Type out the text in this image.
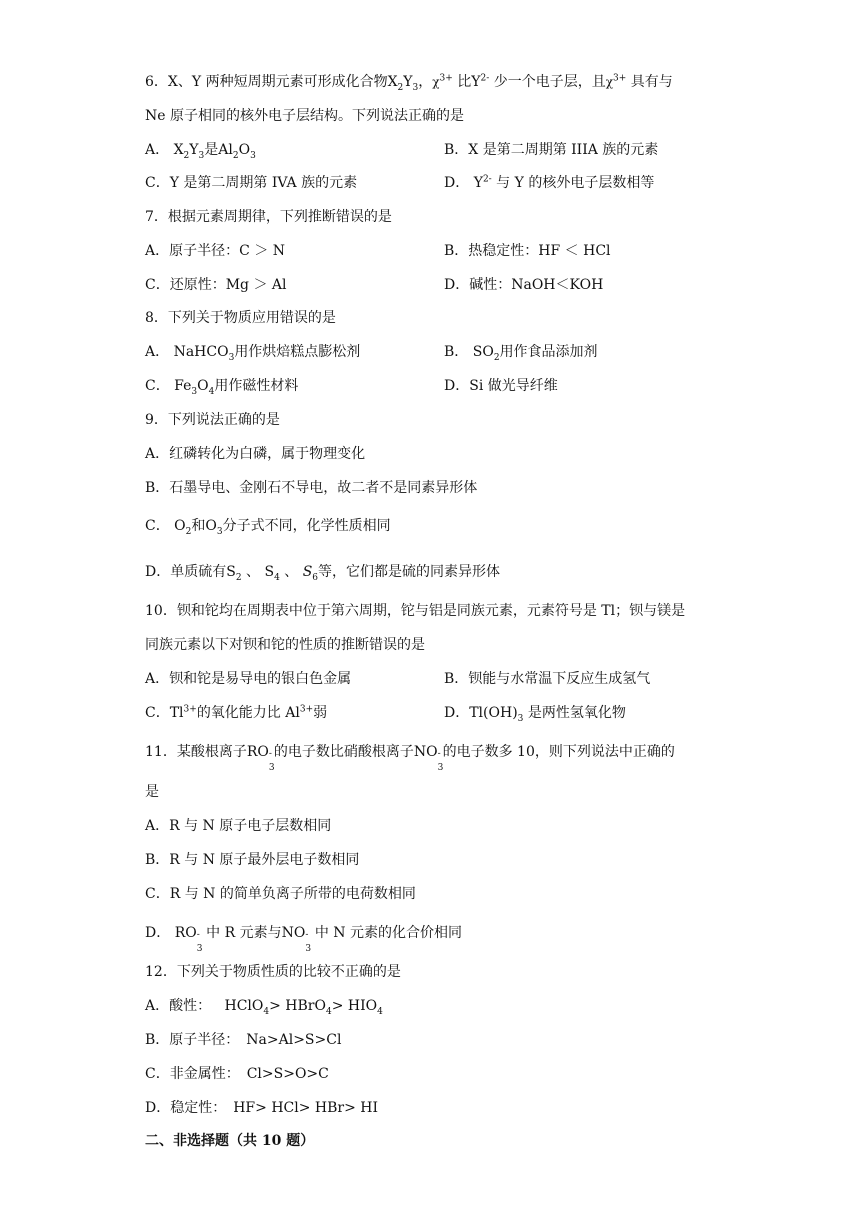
6．X、Y 两种短周期元素可形成化合物$X_2Y_3$，$\chi^{3+}$ 比$Y^{2-}$ 少一个电子层，且$\chi^{3+}$ 具有与
Ne 原子相同的核外电子层结构。下列说法正确的是
A． $X_2Y_3$是$Al_2O_3$	B．X 是第二周期第 IIIA 族的元素
C．Y 是第二周期第 IVA 族的元素	D． $Y^{2-}$ 与 Y 的核外电子层数相等
7．根据元素周期律，下列推断错误的是
A．原子半径：C ＞ N	B．热稳定性：HF ＜ HCl
C．还原性：Mg ＞ Al	D．碱性：NaOH＜KOH
8．下列关于物质应用错误的是
A． NaHCO$_3$用作烘焙糕点膨松剂	B． $SO_2$用作食品添加剂
C． $Fe_3O_4$用作磁性材料	D．Si 做光导纤维
9．下列说法正确的是
A．红磷转化为白磷，属于物理变化
B．石墨导电、金刚石不导电，故二者不是同素异形体
C． $O_2$和$O_3$分子式不同，化学性质相同
D．单质硫有$S_2$ 、 $S_4$ 、 $S_6$等，它们都是硫的同素异形体
10．钡和铊均在周期表中位于第六周期，铊与铝是同族元素，元素符号是 Tl；钡与镁是
同族元素以下对钡和铊的性质的推断错误的是
A．钡和铊是易导电的银白色金属	B．钡能与水常温下反应生成氢气
C．$Tl^{3+}$的氧化能力比 $Al^{3+}$弱	D．$Tl(OH)_3$ 是两性氢氧化物
11．某酸根离子RO -
3
的电子数比硝酸根离子NO -
3
的电子数多 10，则下列说法中正确的
是
A．R 与 N 原子电子层数相同
B．R 与 N 原子最外层电子数相同
C．R 与 N 的简单负离子所带的电荷数相同
D． RO -
3
中 R 元素与NO -
3
中 N 元素的化合价相同
12．下列关于物质性质的比较不正确的是
A．酸性： HClO$_4$> HBrO$_4$> $HIO_4$
B．原子半径：　Na>Al>S>Cl
C．非金属性：　Cl>S>O>C
D．稳定性：　HF> HCl> HBr> HI
二、非选择题（共 10 题）
